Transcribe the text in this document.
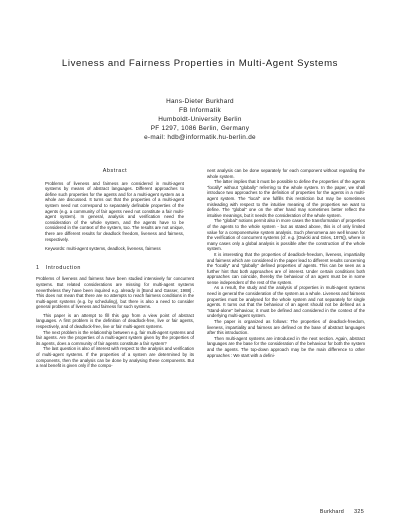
Liveness and Fairness Properties in Multi-Agent Systems
Hans-Dieter Burkhard
FB Informatik
Humboldt-University Berlin
PF 1297, 1086 Berlin, Germany
e-mail: hdb@informatik.hu-berlin.de
Abstract

Problems of liveness and fairness are considered in multi-agent systems by means of abstract languages. Different approaches to define such properties for the agents and for a multi-agent system as a whole are discussed. It turns out that the properties of a multi-agent system need not correspond to separately definable properties of the agents (e.g. a community of fair agents need not constitute a fair multi-agent system). In general, analysis and verification need the consideration of the whole system, and the agents have to be considered in the context of the system, too. The results are not unique, there are different results for deadlock freedom, liveness and fairness, respectively.

Keywords: multi-agent systems, deadlock, liveness, fairness

1 Introduction

Problems of liveness and fairness have been studied intensively for concurrent systems. But related considerations are missing for multi-agent systems nevertheless they have been inquired e.g. already in [Bond and Gasser, 1988] . This does not mean that there are no attempts to reach fairness conditions in the multi-agent systems (e.g. by scheduling), but there is also a need to consider general problems of liveness and fairness for such systems.

This paper is an attempt to fill this gap from a view point of abstract languages. A first problem is the definition of deadlock-free, live or fair agents, respectively, and of deadlock-free, live or fair multi-agent systems.

The next problem is the relationship between e.g. fair multi-agent systems and fair agents. Are the properties of a multi-agent system given by the properties of its agents, does a community of fair agents constitute a fair system?

The last question is also of interest with respect to the analysis and verification of multi-agent systems. If the properties of a system are determined by its components, then the analysis can be done by analysing these components. But a real benefit is given only if the compo-

nent analysis can be done separately for each component without regarding the whole system.

The latter implies that it must be possible to define the properties of the agents "locally" without "globally" referring to the whole system. In the paper, we shall introduce two approaches to the definition of properties for the agents in a multi-agent system. The "local" one fulfills this restriction but may be sometimes misleading with respect to the intuitive meaning of the properties we want to define. The "global" one on the other hand may sometimes better reflect the intuitive meanings, but it needs the consideration of the whole system.

The "global" notions permit also in more cases the transformation of properties of the agents to the whole system - but as stated above, this is of only limited value for a componentwise system analysis. Such phenomena are well known for the verification of concurrent systems (cf. e.g. [Owicki and Gries, 1976]), where in many cases only a global analysis is possible after the construction of the whole system.

It is interesting that the properties of deadlock-freedom, liveness, impartiality and fairness which are considered in the paper lead to different results concerning the "locally" and "globally" defined properties of agents. This can be seen as a further hint that both approaches are of interest. Under certain conditions both approaches can coincide, thereby the behaviour of an agent must be in some sense independent of the rest of the system.

As a result, the study and the analysis of properties in multi-agent systems need in general the consideration of the system as a whole. Liveness and fairness properties must be analysed for the whole system and not separately for single agents. It turns out that the behaviour of an agent should not be defined as a "stand-alone" behaviour, it must be defined and considered in the context of the underlying multi-agent system.

The paper is organized as follows: The properties of deadlock-freedom, liveness, impartiality and fairness are defined on the base of abstract languages after this introduction.

Then multi-agent systems are introduced in the next section. Again, abstract languages are the base for the consideration of the behaviour for both the system and the agents. The top-down approach may be the main difference to other approaches : We start with a defini-

Burkhard 325
